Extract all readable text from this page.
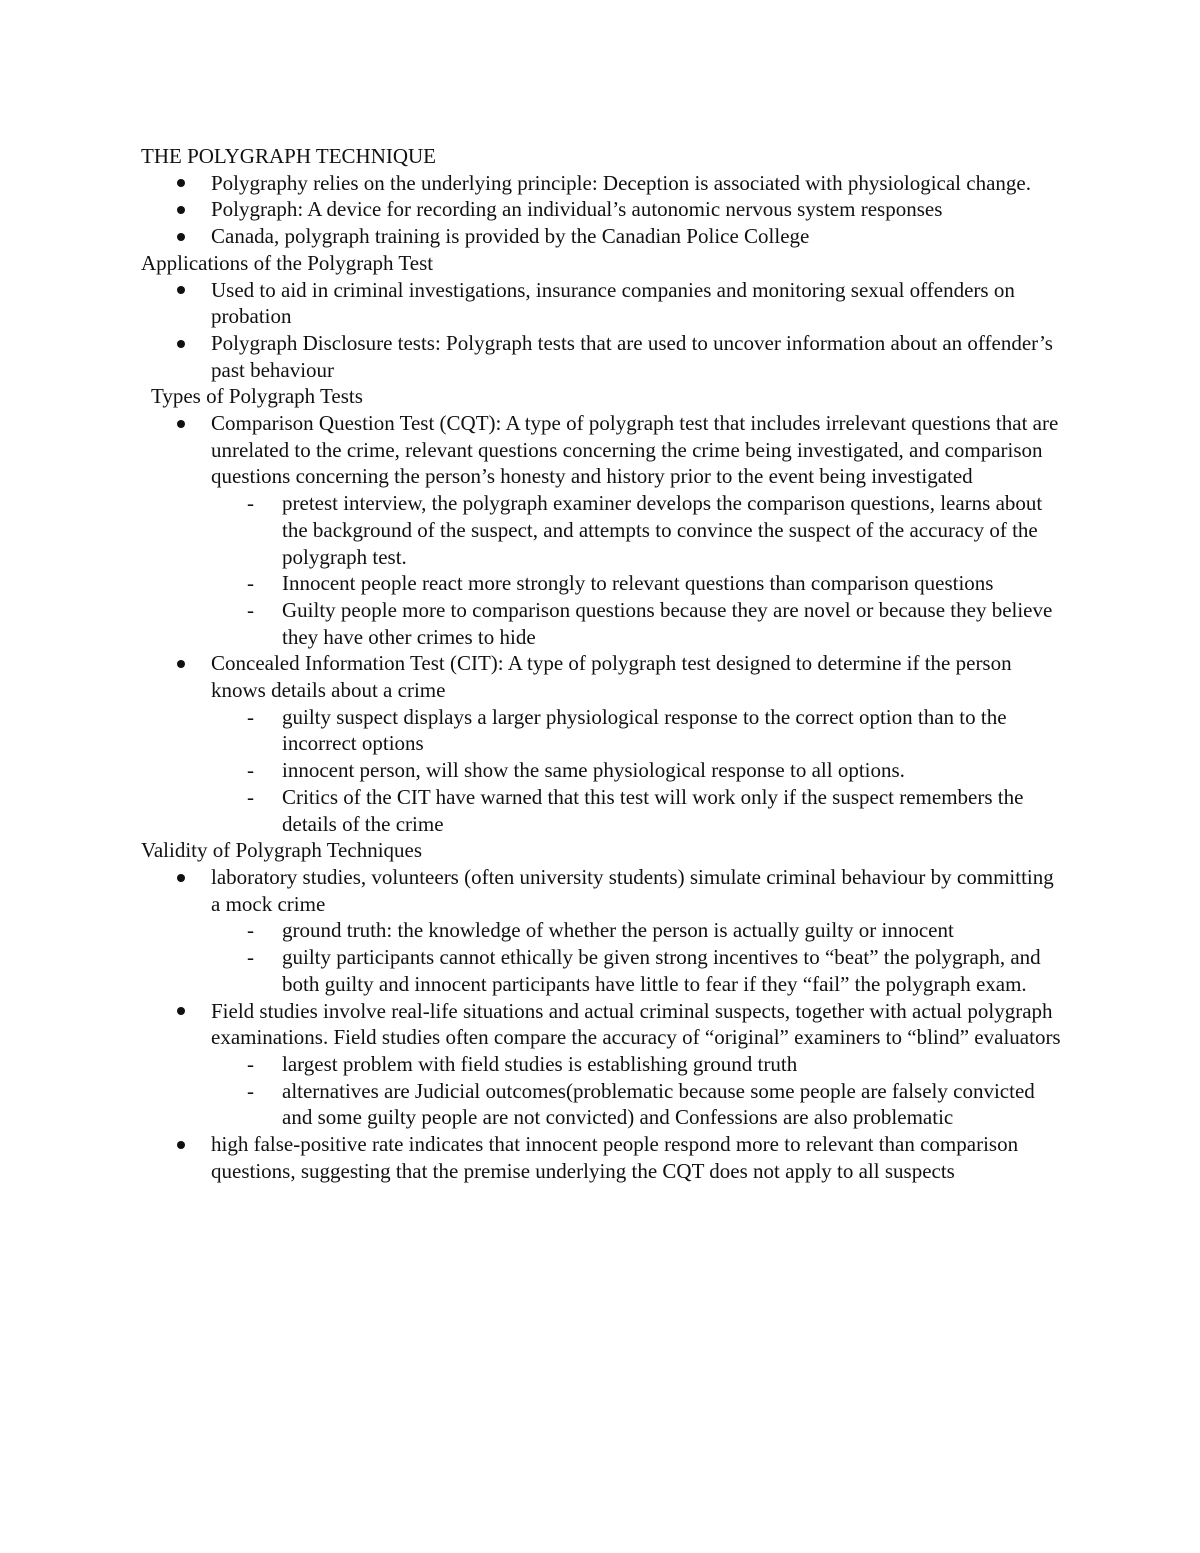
THE POLYGRAPH TECHNIQUE

Polygraphy relies on the underlying principle: Deception is associated with physiological change.
Polygraph: A device for recording an individual’s autonomic nervous system responses
Canada, polygraph training is provided by the Canadian Police College

Applications of the Polygraph Test

Used to aid in criminal investigations, insurance companies and monitoring sexual offenders on probation
Polygraph Disclosure tests: Polygraph tests that are used to uncover information about an offender’s past behaviour

Types of Polygraph Tests

Comparison Question Test (CQT): A type of polygraph test that includes irrelevant questions that are unrelated to the crime, relevant questions concerning the crime being investigated, and comparison questions concerning the person’s honesty and history prior to the event being investigated
- pretest interview, the polygraph examiner develops the comparison questions, learns about the background of the suspect, and attempts to convince the suspect of the accuracy of the polygraph test.
- Innocent people react more strongly to relevant questions than comparison questions
- Guilty people more to comparison questions because they are novel or because they believe they have other crimes to hide
Concealed Information Test (CIT): A type of polygraph test designed to determine if the person knows details about a crime
- guilty suspect displays a larger physiological response to the correct option than to the incorrect options
- innocent person, will show the same physiological response to all options.
- Critics of the CIT have warned that this test will work only if the suspect remembers the details of the crime

Validity of Polygraph Techniques

laboratory studies, volunteers (often university students) simulate criminal behaviour by committing a mock crime
- ground truth: the knowledge of whether the person is actually guilty or innocent
- guilty participants cannot ethically be given strong incentives to “beat” the polygraph, and both guilty and innocent participants have little to fear if they “fail” the polygraph exam.
Field studies involve real-life situations and actual criminal suspects, together with actual polygraph examinations. Field studies often compare the accuracy of “original” examiners to “blind” evaluators
- largest problem with field studies is establishing ground truth
- alternatives are Judicial outcomes(problematic because some people are falsely convicted and some guilty people are not convicted) and Confessions are also problematic
high false-positive rate indicates that innocent people respond more to relevant than comparison questions, suggesting that the premise underlying the CQT does not apply to all suspects
